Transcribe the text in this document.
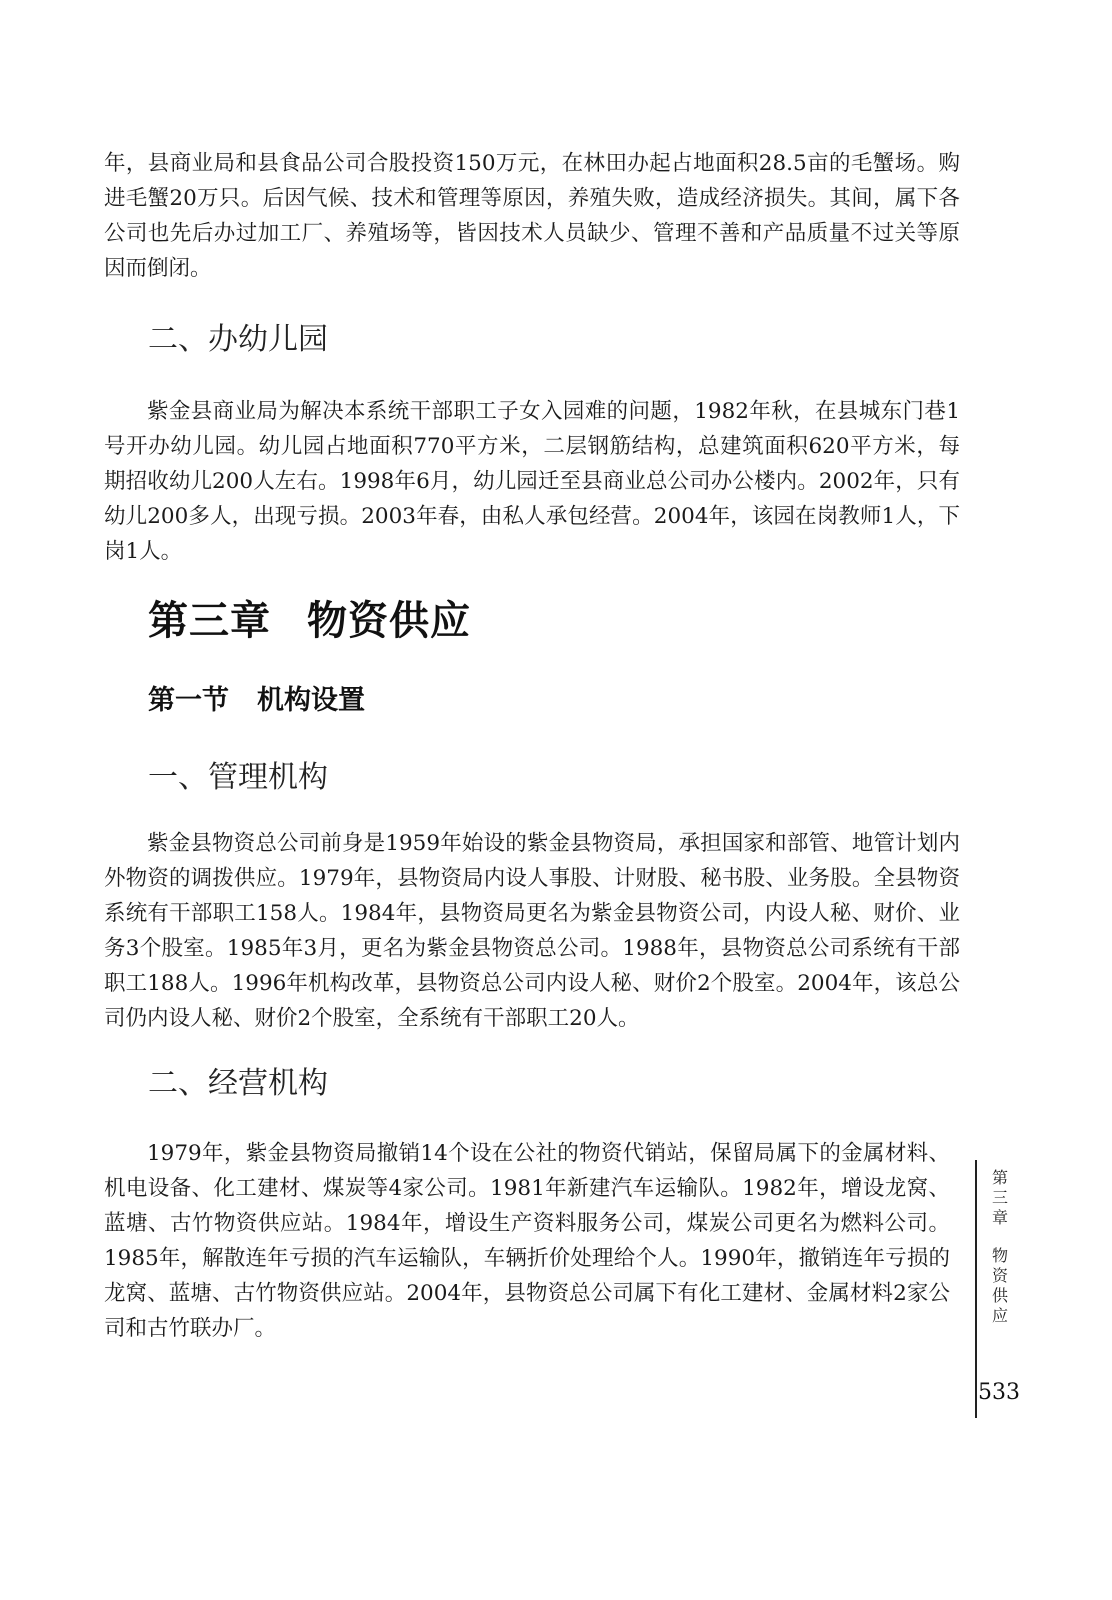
年，县商业局和县食品公司合股投资150万元，在林田办起占地面积28.5亩的毛蟹场。购进毛蟹20万只。后因气候、技术和管理等原因，养殖失败，造成经济损失。其间，属下各公司也先后办过加工厂、养殖场等，皆因技术人员缺少、管理不善和产品质量不过关等原因而倒闭。

二、办幼儿园

紫金县商业局为解决本系统干部职工子女入园难的问题，1982年秋，在县城东门巷1号开办幼儿园。幼儿园占地面积770平方米，二层钢筋结构，总建筑面积620平方米，每期招收幼儿200人左右。1998年6月，幼儿园迁至县商业总公司办公楼内。2002年，只有幼儿200多人，出现亏损。2003年春，由私人承包经营。2004年，该园在岗教师1人，下岗1人。

第三章 物资供应
第一节 机构设置
一、管理机构

紫金县物资总公司前身是1959年始设的紫金县物资局，承担国家和部管、地管计划内外物资的调拨供应。1979年，县物资局内设人事股、计财股、秘书股、业务股。全县物资系统有干部职工158人。1984年，县物资局更名为紫金县物资公司，内设人秘、财价、业务3个股室。1985年3月，更名为紫金县物资总公司。1988年，县物资总公司系统有干部职工188人。1996年机构改革，县物资总公司内设人秘、财价2个股室。2004年，该总公司仍内设人秘、财价2个股室，全系统有干部职工20人。

二、经营机构

1979年，紫金县物资局撤销14个设在公社的物资代销站，保留局属下的金属材料、机电设备、化工建材、煤炭等4家公司。1981年新建汽车运输队。1982年，增设龙窝、蓝塘、古竹物资供应站。1984年，增设生产资料服务公司，煤炭公司更名为燃料公司。1985年，解散连年亏损的汽车运输队，车辆折价处理给个人。1990年，撤销连年亏损的龙窝、蓝塘、古竹物资供应站。2004年，县物资总公司属下有化工建材、金属材料2家公司和古竹联办厂。

第
三
章
物
资
供
应
533
